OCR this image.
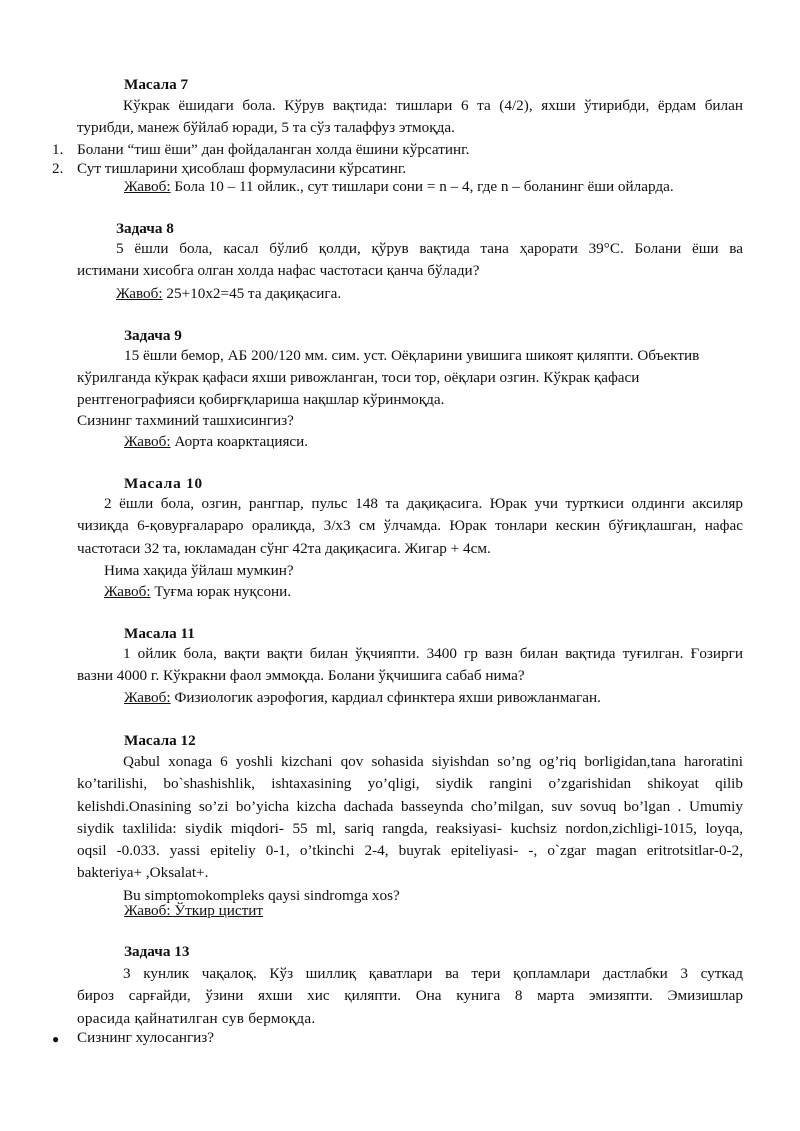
Масала 7
Кўкрак ёшидаги бола. Кўрув вақтида: тишлари 6 та (4/2), яхши ўтирибди, ёрдам билан
турибди, манеж бўйлаб юради, 5 та сўз талаффуз этмоқда.
1. Болани “тиш ёши” дан фойдаланган холда ёшини кўрсатинг.
2. Сут тишларини ҳисоблаш формуласини кўрсатинг.
Жавоб: Бола 10 – 11 ойлик., сут тишлари сони = n – 4, где n – боланинг ёши ойларда.
Задача 8
5 ёшли бола, касал бўлиб қолди, қўрув вақтида тана ҳарорати 39°С. Болани ёши ва
истимани хисобга олган холда нафас частотаси қанча бўлади?
Жавоб: 25+10х2=45 та дақиқасига.
Задача 9
15 ёшли бемор, АБ 200/120 мм. сим. уст. Оёқларини увишига шикоят қиляпти. Объектив
кўрилганда кўкрак қафаси яхши ривожланган, тоси тор, оёқлари озгин. Кўкрак қафаси
рентгенографияси қобирғқлариша нақшлар кўринмоқда.
Сизнинг тахминий ташхисингиз?
Жавоб: Аорта коарктацияси.
Масала 10
2 ёшли бола, озгин, рангпар, пульс 148 та дақиқасига. Юрак учи турткиси олдинги аксиляр
чизиқда 6-қовурғалараро оралиқда, 3/х3 см ўлчамда. Юрак тонлари кескин бўғиқлашган, нафас
частотаси 32 та, юкламадан сўнг 42та дақиқасига. Жигар + 4см.
Нима хақида ўйлаш мумкин?
Жавоб: Туғма юрак нуқсони.
Масала 11
1 ойлик бола, вақти вақти билан ўқчияпти. 3400 гр вазн билан вақтида туғилган. Ғозирги
вазни 4000 г. Кўкракни фаол эммоқда. Болани ўқчишига сабаб нима?
Жавоб: Физиологик аэрофогия, кардиал сфинктера яхши ривожланмаган.
Масала 12
Qabul xonaga 6 yoshli kizchani qov sohasida siyishdan so’ng og’riq borligidan,tana haroratini
ko’tarilishi, bo`shashishlik, ishtaxasining yo’qligi, siydik rangini o’zgarishidan shikoyat qilib
kelishdi.Onasining so’zi bo’yicha kizcha dachada basseynda cho’milgan, suv sovuq bo’lgan . Umumiy
siydik taxlilida: siydik miqdori- 55 ml, sariq rangda, reaksiyasi- kuchsiz nordon,zichligi-1015, loyqa,
oqsil -0.033. yassi epiteliy 0-1, o’tkinchi 2-4, buyrak epiteliyasi- -, o`zgar magan eritrotsitlar-0-2,
bakteriya+ ,Oksalat+.
Bu simptomokompleks qaysi sindromga xos?
Жавоб: Ўткир цистит
Задача 13
3 кунлик чақалоқ. Кўз шиллиқ қаватлари ва тери қопламлари дастлабки 3 суткад
бироз сарғайди, ўзини яхши хис қиляпти. Она кунига 8 марта эмизяпти. Эмизишлар
орасида қайнатилган сув бермоқда.
● Сизнинг хулосангиз?
